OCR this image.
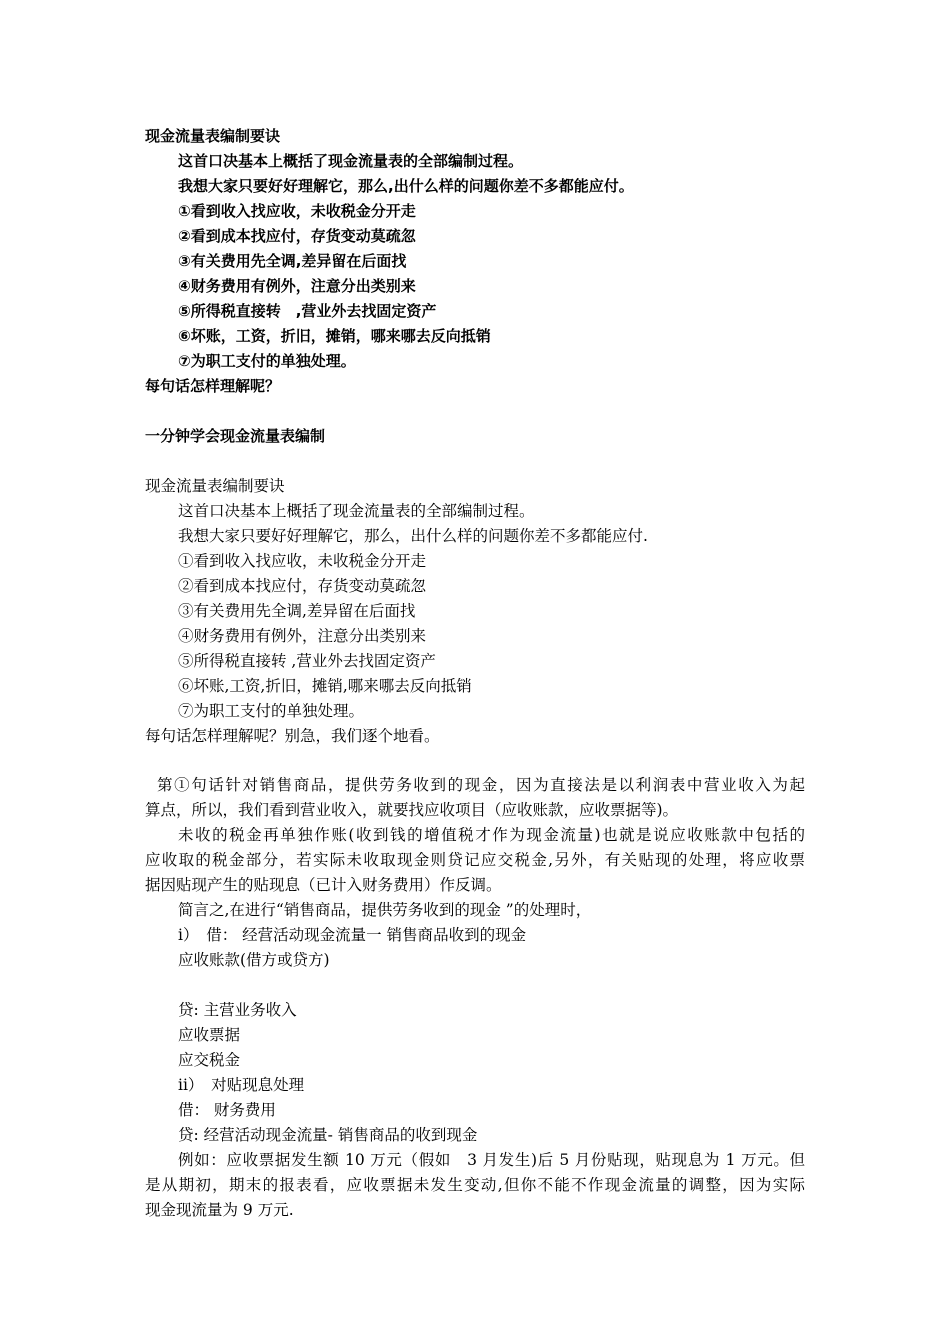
现金流量表编制要诀
这首口决基本上概括了现金流量表的全部编制过程。
我想大家只要好好理解它，那么,出什么样的问题你差不多都能应付。
①看到收入找应收，未收税金分开走
②看到成本找应付，存货变动莫疏忽
③有关费用先全调,差异留在后面找
④财务费用有例外，注意分出类别来
⑤所得税直接转　,营业外去找固定资产
⑥坏账，工资，折旧，摊销，哪来哪去反向抵销
⑦为职工支付的单独处理。
每句话怎样理解呢？
一分钟学会现金流量表编制
现金流量表编制要诀
这首口决基本上概括了现金流量表的全部编制过程。
我想大家只要好好理解它，那么，出什么样的问题你差不多都能应付.
①看到收入找应收，未收税金分开走
②看到成本找应付，存货变动莫疏忽
③有关费用先全调,差异留在后面找
④财务费用有例外，注意分出类别来
⑤所得税直接转 ,营业外去找固定资产
⑥坏账,工资,折旧，摊销,哪来哪去反向抵销
⑦为职工支付的单独处理。
每句话怎样理解呢？别急，我们逐个地看。
第①句话针对销售商品，提供劳务收到的现金，因为直接法是以利润表中营业收入为起
算点，所以，我们看到营业收入，就要找应收项目（应收账款，应收票据等)。
未收的税金再单独作账(收到钱的增值税才作为现金流量)也就是说应收账款中包括的
应收取的税金部分，若实际未收取现金则贷记应交税金,另外，有关贴现的处理，将应收票
据因贴现产生的贴现息（已计入财务费用）作反调。
简言之,在进行“销售商品，提供劳务收到的现金 ”的处理时，
i）　借： 经营活动现金流量一 销售商品收到的现金
应收账款(借方或贷方)
贷: 主营业务收入
应收票据
应交税金
ii）　对贴现息处理
借： 财务费用
贷: 经营活动现金流量- 销售商品的收到现金
例如：应收票据发生额 10 万元（假如　3 月发生)后 5 月份贴现，贴现息为 1 万元。但
是从期初，期末的报表看，应收票据未发生变动,但你不能不作现金流量的调整，因为实际
现金现流量为 9 万元.
